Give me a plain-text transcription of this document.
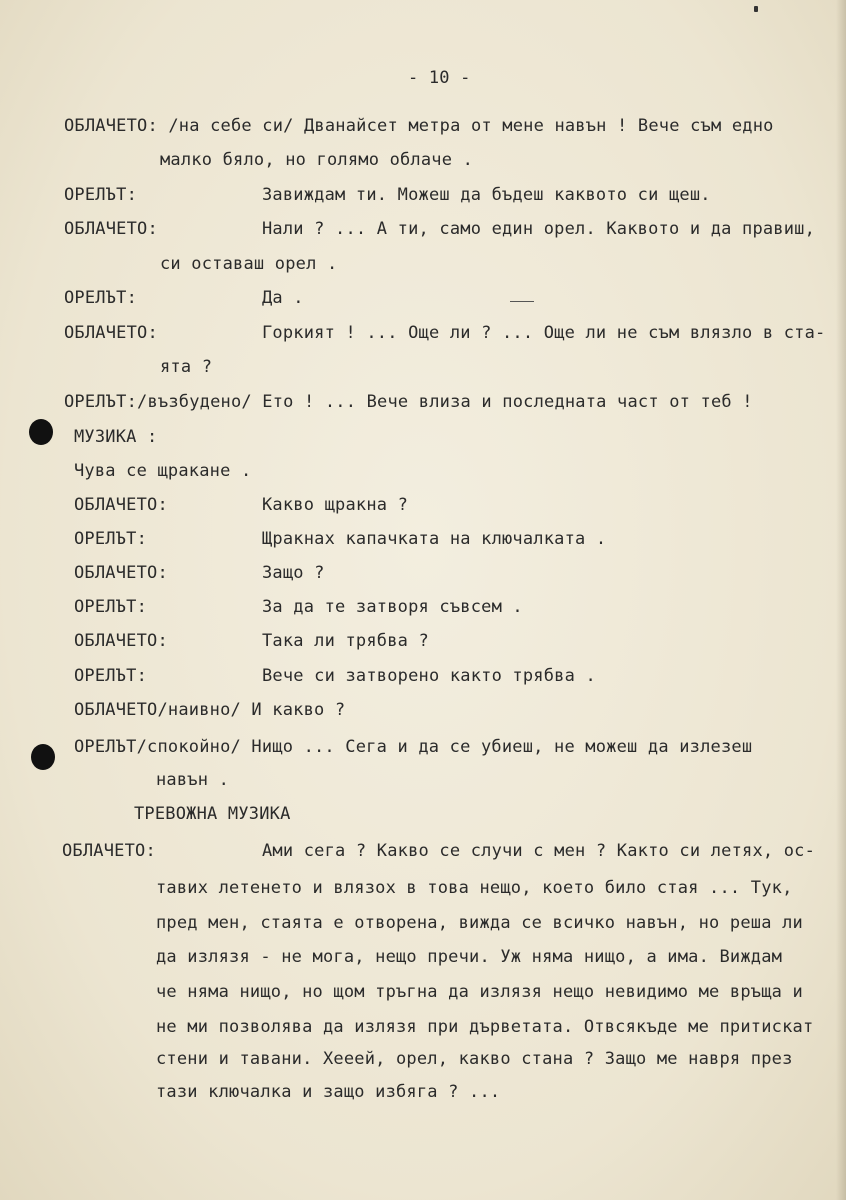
- 10 -
ОБЛАЧЕТО: /на себе си/ Дванайсет метра от мене навън ! Вече съм едно
малко бяло, но голямо облаче .
ОРЕЛЪТ:	Завиждам ти. Можеш да бъдеш каквото си щеш.
ОБЛАЧЕТО:	Нали ? ... А ти, само един орел. Каквото и да правиш,
си оставаш орел .
ОРЕЛЪТ:	Да .
ОБЛАЧЕТО:	Горкият ! ... Още ли ? ... Още ли не съм влязло в ста-
ята ?
ОРЕЛЪТ:/възбудено/ Ето ! ... Вече влиза и последната част от теб !
МУЗИКА :
Чува се щракане .
ОБЛАЧЕТО:	Какво щракна ?
ОРЕЛЪТ:	Щракнах капачката на ключалката .
ОБЛАЧЕТО:	Защо ?
ОРЕЛЪТ:	За да те затворя съвсем .
ОБЛАЧЕТО:	Така ли трябва ?
ОРЕЛЪТ:	Вече си затворено както трябва .
ОБЛАЧЕТО/наивно/ И какво ?
ОРЕЛЪТ/спокойно/ Нищо ... Сега и да се убиеш, не можеш да излезеш
навън .
ТРЕВОЖНА МУЗИКА
ОБЛАЧЕТО:	Ами сега ? Какво се случи с мен ? Както си летях, ос-
тавих летенето и влязох в това нещо, което било стая ... Тук,
пред мен, стаята е отворена, вижда се всичко навън, но реша ли
да излязя - не мога, нещо пречи. Уж няма нищо, а има. Виждам
че няма нищо, но щом тръгна да излязя нещо невидимо ме връща и
не ми позволява да излязя при дърветата. Отвсякъде ме притискат
стени и тавани. Хееей, орел, какво стана ? Защо ме навря през
тази ключалка и защо избяга ? ...
